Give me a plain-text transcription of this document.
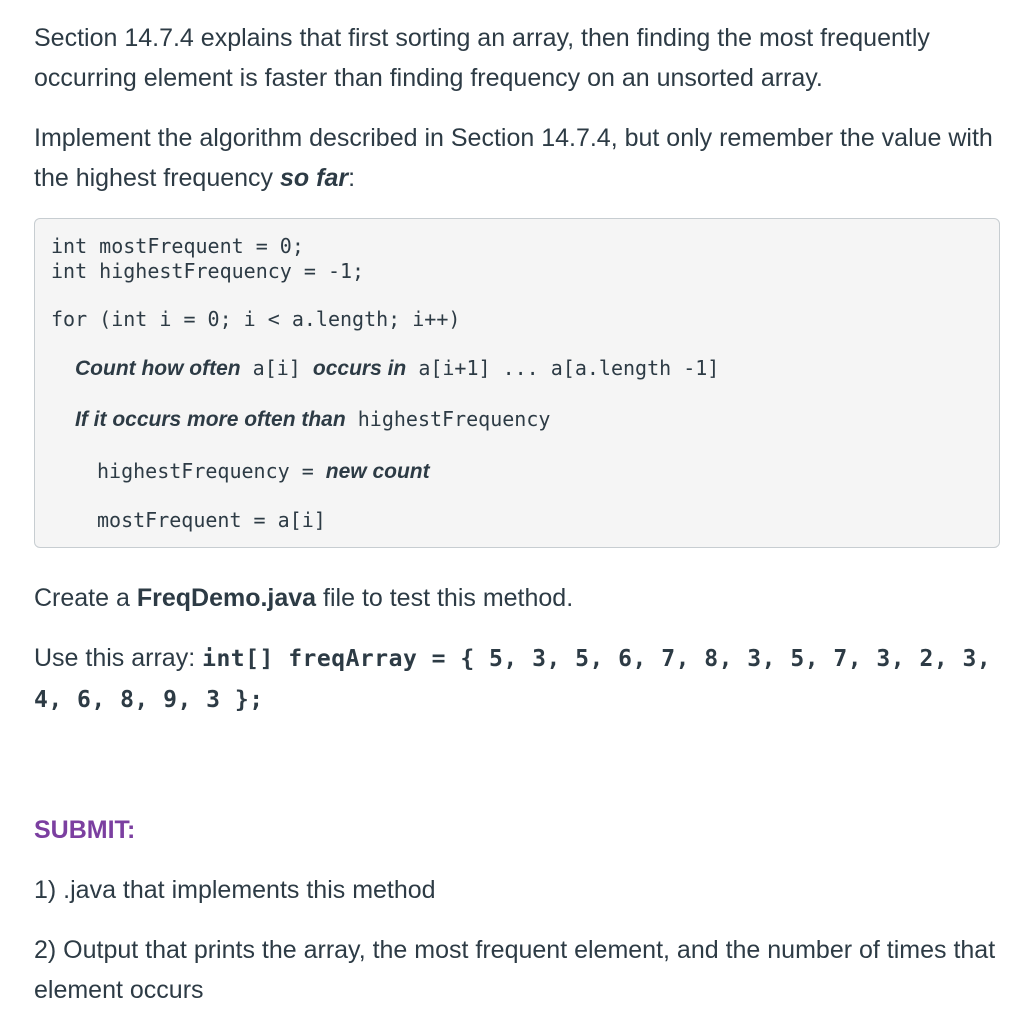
Section 14.7.4 explains that first sorting an array, then finding the most frequently occurring element is faster than finding frequency on an unsorted array.

Implement the algorithm described in Section 14.7.4, but only remember the value with the highest frequency so far:

int mostFrequent = 0;
int highestFrequency = -1;
for (int i = 0; i < a.length; i++)
Count how often a[i] occurs in a[i+1] ... a[a.length -1]
If it occurs more often than highestFrequency
highestFrequency = new count
mostFrequent = a[i]

Create a FreqDemo.java file to test this method.

Use this array: int[] freqArray = { 5, 3, 5, 6, 7, 8, 3, 5, 7, 3, 2, 3, 4, 6, 8, 9, 3 };

SUBMIT:

1) .java that implements this method

2) Output that prints the array, the most frequent element, and the number of times that element occurs
